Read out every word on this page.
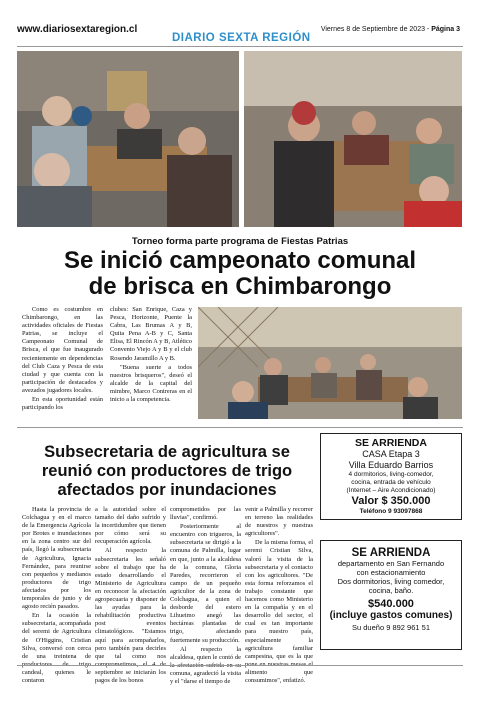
www.diariosextaregion.cl
DIARIO SEXTA REGIÓN
Viernes 8 de Septiembre de 2023 - Página 3
Torneo forma parte programa de Fiestas Patrias
Se inició campeonato comunal de brisca en Chimbarongo

Como es costumbre en Chimbarongo, en las actividades oficiales de Fiestas Patrias, se incluye el Campeonato Comunal de Brisca, el que fue inaugurado recientemente en dependencias del Club Caza y Pesca de esta ciudad y que cuenta con la participación de destacados y avezados jugadores locales.

En esta oportunidad están participando los

clubes: San Enrique, Caza y Pesca, Horizonte, Puente la Cabra, Las Brumas A y B, Quita Pena A-B y C, Santa Elisa, El Rincón A y B, Atlético Convento Viejo A y B y el club Rosendo Jaramillo A y B.

"Buena suerte a todos nuestros brisqueros", deseó el alcalde de la capital del mimbre, Marco Contreras en el inicio a la competencia.

Subsecretaria de agricultura se reunió con productores de trigo afectados por inundaciones

Hasta la provincia de Colchagua y en el marco de la Emergencia Agrícola por Brotes e inundaciones en la zona centro sur del país, llegó la subsecretaria de Agricultura, Ignacia Fernández, para reunirse con pequeños y medianos productores de trigo afectados por los temporales de junio y de agosto recién pasados.

En la ocasión la subsecretaria, acompañada del seremi de Agricultura de O'Higgins, Cristian Silva, conversó con cerca de una treintena de candeal, quienes le contaron

a la autoridad sobre el tamaño del daño sufrido y la incertidumbre que tienen por cómo será su recuperación agrícola.

Al respecto la subsecretaria les señaló sobre el trabajo que ha estado desarrollando el Ministerio de Agricultura en reconocer la afectación agropecuaria y disponer de las ayudas para la rehabilitación productiva post eventos climatológicos. "Estamos aquí para acompañarlos, pero también para decirles que tal como nos septiembre se iniciarán los pagos de los bonos

comprometidos por las lluvias", confirmó.

Posteriormente al encuentro con trigueros, la subsecretaria se dirigió a la comuna de Palmilla, lugar en que, junto a la alcaldesa de la comuna, Gloria Paredes, recorrieron el campo de un pequeño agricultor de la zona de Colchagua, a quien el desborde del estero Lihueimo anegó las hectáreas plantadas de trigo, afectando fuertemente su producción.

Al respecto la alcaldesa, quien le contó de comuna, agradeció la visita y el "darse el tiempo de

venir a Palmilla y recorrer en terreno las realidades de nuestros y nuestras agricultores".

De la misma forma, el seremi Cristian Silva, valoró la visita de la subsecretaria y el contacto con los agricultores. "De esta forma reforzamos el trabajo constante que hacemos como Ministerio en la compañía y en el desarrollo del sector, el cual es tan importante para nuestro país, especialmente la agricultura familiar campesina, que es la que alimento que consumimos", enfatizó.

SE ARRIENDA
CASA Etapa 3
Villa Eduardo Barrios
4 dormitorios, living-comedor,
cocina, entrada de vehículo
(Internet – Aire Acondicionado)
Valor $ 350.000
Teléfono 9 93097868
SE ARRIENDA
departamento en San Fernando
con estacionamiento
Dos dormitorios, living comedor,
cocina, baño.
$540.000
(incluye gastos comunes)
Su dueño 9 892 961 51
